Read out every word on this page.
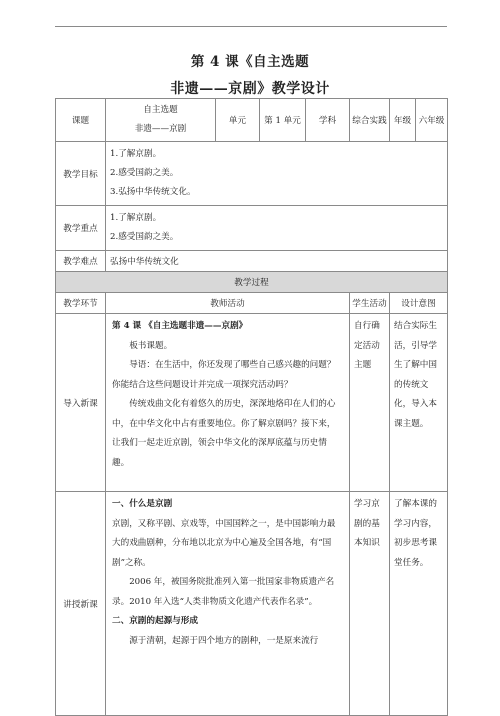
第 4 课《自主选题
非遗——京剧》教学设计
课题	自主选题
非遗——京剧	单元	第 1 单元	学科	综合实践	年级	六年级
教学目标	1.了解京剧。
2.感受国韵之美。
3.弘扬中华传统文化。						

教学重点	1.了解京剧。
2.感受国韵之美。						

教学难点	弘扬中华传统文化						
教学过程							
教学环节	教师活动				学生活动	设计意图	
导入新课	第 4 课 《自主选题非遗——京剧》

板书课题。

导语：在生活中，你还发现了哪些自己感兴趣的问题？你能结合这些问题设计并完成一项探究活动吗？

传统戏曲文化有着悠久的历史，深深地烙印在人们的心中，在中华文化中占有重要地位。你了解京剧吗？接下来，让我们一起走近京剧，领会中华文化的深厚底蕴与历史情趣。				自行确定活动主题	结合实际生活，引导学生了解中国的传统文化，导入本课主题。	
讲授新课	一、什么是京剧

京剧，又称平剧、京戏等，中国国粹之一，是中国影响力最大的戏曲剧种，分布地以北京为中心遍及全国各地，有“国剧”之称。

2006 年，被国务院批准列入第一批国家非物质遗产名录。2010 年入选“人类非物质文化遗产代表作名录”。

二、京剧的起源与形成

源于清朝，起源于四个地方的剧种，一是原来流行				学习京剧的基本知识	了解本课的学习内容，初步思考课堂任务。	
